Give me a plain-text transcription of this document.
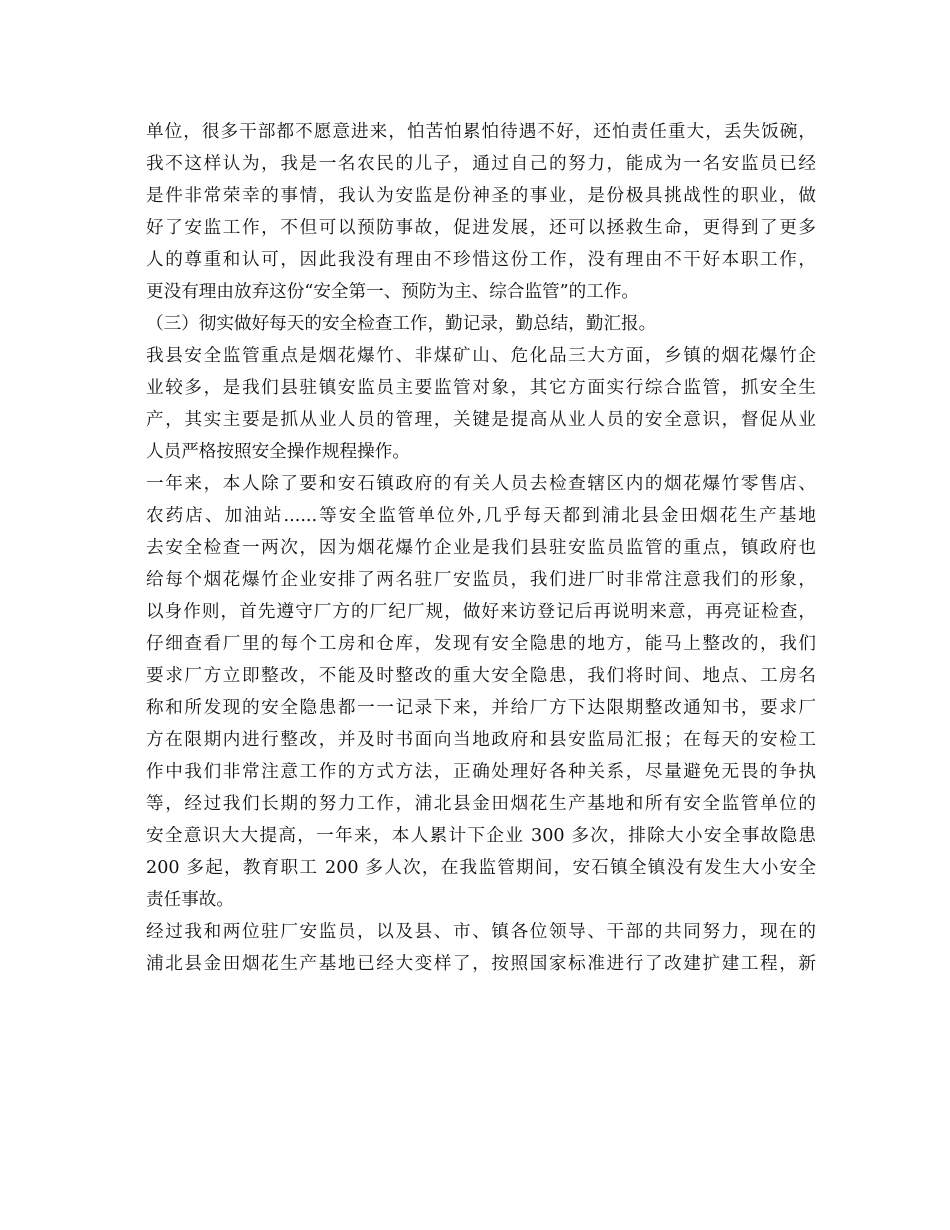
单位，很多干部都不愿意进来，怕苦怕累怕待遇不好，还怕责任重大，丢失饭碗，
我不这样认为，我是一名农民的儿子，通过自己的努力，能成为一名安监员已经
是件非常荣幸的事情，我认为安监是份神圣的事业，是份极具挑战性的职业，做
好了安监工作，不但可以预防事故，促进发展，还可以拯救生命，更得到了更多
人的尊重和认可，因此我没有理由不珍惜这份工作，没有理由不干好本职工作，
更没有理由放弃这份“安全第一、预防为主、综合监管”的工作。
（三）彻实做好每天的安全检查工作，勤记录，勤总结，勤汇报。
我县安全监管重点是烟花爆竹、非煤矿山、危化品三大方面，乡镇的烟花爆竹企
业较多，是我们县驻镇安监员主要监管对象，其它方面实行综合监管，抓安全生
产，其实主要是抓从业人员的管理，关键是提高从业人员的安全意识，督促从业
人员严格按照安全操作规程操作。
一年来，本人除了要和安石镇政府的有关人员去检查辖区内的烟花爆竹零售店、
农药店、加油站......等安全监管单位外,几乎每天都到浦北县金田烟花生产基地
去安全检查一两次，因为烟花爆竹企业是我们县驻安监员监管的重点，镇政府也
给每个烟花爆竹企业安排了两名驻厂安监员，我们进厂时非常注意我们的形象，
以身作则，首先遵守厂方的厂纪厂规，做好来访登记后再说明来意，再亮证检查，
仔细查看厂里的每个工房和仓库，发现有安全隐患的地方，能马上整改的，我们
要求厂方立即整改，不能及时整改的重大安全隐患，我们将时间、地点、工房名
称和所发现的安全隐患都一一记录下来，并给厂方下达限期整改通知书，要求厂
方在限期内进行整改，并及时书面向当地政府和县安监局汇报；在每天的安检工
作中我们非常注意工作的方式方法，正确处理好各种关系，尽量避免无畏的争执
等，经过我们长期的努力工作，浦北县金田烟花生产基地和所有安全监管单位的
安全意识大大提高，一年来，本人累计下企业 300 多次，排除大小安全事故隐患
200 多起，教育职工 200 多人次，在我监管期间，安石镇全镇没有发生大小安全
责任事故。
经过我和两位驻厂安监员，以及县、市、镇各位领导、干部的共同努力，现在的
浦北县金田烟花生产基地已经大变样了，按照国家标准进行了改建扩建工程，新
